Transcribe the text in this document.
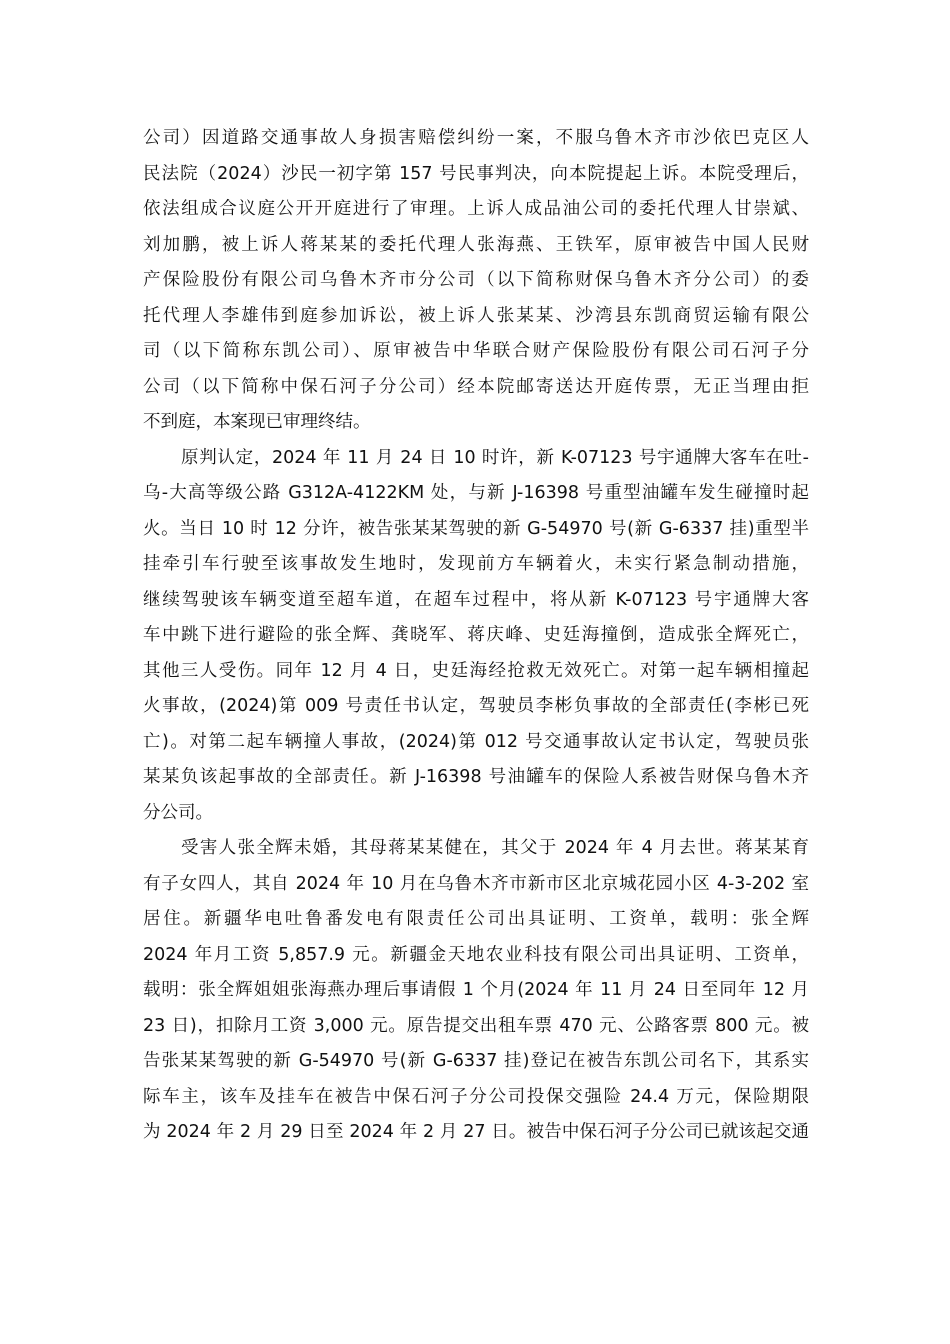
公司）因道路交通事故人身损害赔偿纠纷一案，不服乌鲁木齐市沙依巴克区人
民法院（2024）沙民一初字第 157 号民事判决，向本院提起上诉。本院受理后，
依法组成合议庭公开开庭进行了审理。上诉人成品油公司的委托代理人甘崇斌、
刘加鹏，被上诉人蒋某某的委托代理人张海燕、王铁军，原审被告中国人民财
产保险股份有限公司乌鲁木齐市分公司（以下简称财保乌鲁木齐分公司）的委
托代理人李雄伟到庭参加诉讼，被上诉人张某某、沙湾县东凯商贸运输有限公
司（以下简称东凯公司）、原审被告中华联合财产保险股份有限公司石河子分
公司（以下简称中保石河子分公司）经本院邮寄送达开庭传票，无正当理由拒
不到庭，本案现已审理终结。
原判认定，2024 年 11 月 24 日 10 时许，新 K-07123 号宇通牌大客车在吐-
乌-大高等级公路 G312A-4122KM 处，与新 J-16398 号重型油罐车发生碰撞时起
火。当日 10 时 12 分许，被告张某某驾驶的新 G-54970 号(新 G-6337 挂)重型半
挂牵引车行驶至该事故发生地时，发现前方车辆着火，未实行紧急制动措施，
继续驾驶该车辆变道至超车道，在超车过程中，将从新 K-07123 号宇通牌大客
车中跳下进行避险的张全辉、龚晓军、蒋庆峰、史廷海撞倒，造成张全辉死亡，
其他三人受伤。同年 12 月 4 日，史廷海经抢救无效死亡。对第一起车辆相撞起
火事故，(2024)第 009 号责任书认定，驾驶员李彬负事故的全部责任(李彬已死
亡)。对第二起车辆撞人事故，(2024)第 012 号交通事故认定书认定，驾驶员张
某某负该起事故的全部责任。新 J-16398 号油罐车的保险人系被告财保乌鲁木齐
分公司。
受害人张全辉未婚，其母蒋某某健在，其父于 2024 年 4 月去世。蒋某某育
有子女四人，其自 2024 年 10 月在乌鲁木齐市新市区北京城花园小区 4-3-202 室
居住。新疆华电吐鲁番发电有限责任公司出具证明、工资单，载明：张全辉
2024 年月工资 5,857.9 元。新疆金天地农业科技有限公司出具证明、工资单，
载明：张全辉姐姐张海燕办理后事请假 1 个月(2024 年 11 月 24 日至同年 12 月
23 日)，扣除月工资 3,000 元。原告提交出租车票 470 元、公路客票 800 元。被
告张某某驾驶的新 G-54970 号(新 G-6337 挂)登记在被告东凯公司名下，其系实
际车主，该车及挂车在被告中保石河子分公司投保交强险 24.4 万元，保险期限
为 2024 年 2 月 29 日至 2024 年 2 月 27 日。被告中保石河子分公司已就该起交通
